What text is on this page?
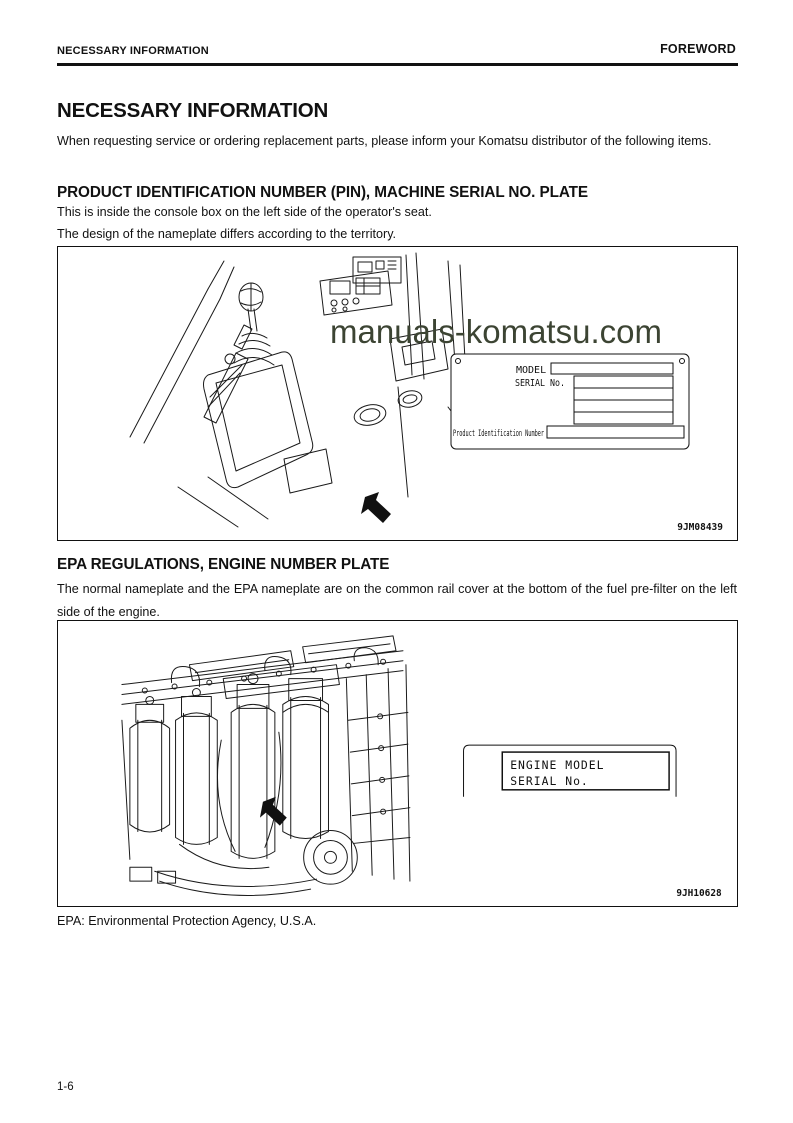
NECESSARY INFORMATION	FOREWORD
NECESSARY INFORMATION

When requesting service or ordering replacement parts, please inform your Komatsu distributor of the following items.

PRODUCT IDENTIFICATION NUMBER (PIN), MACHINE SERIAL NO. PLATE
This is inside the console box on the left side of the operator's seat.
The design of the nameplate differs according to the territory.
manuals-komatsu.com
MODEL
SERIAL No.
Product Identification Number
9JM08439
EPA REGULATIONS, ENGINE NUMBER PLATE

The normal nameplate and the EPA nameplate are on the common rail cover at the bottom of the fuel pre-filter on the left side of the engine.

ENGINE MODEL
SERIAL No.
9JH10628
EPA: Environmental Protection Agency, U.S.A.
1-6
